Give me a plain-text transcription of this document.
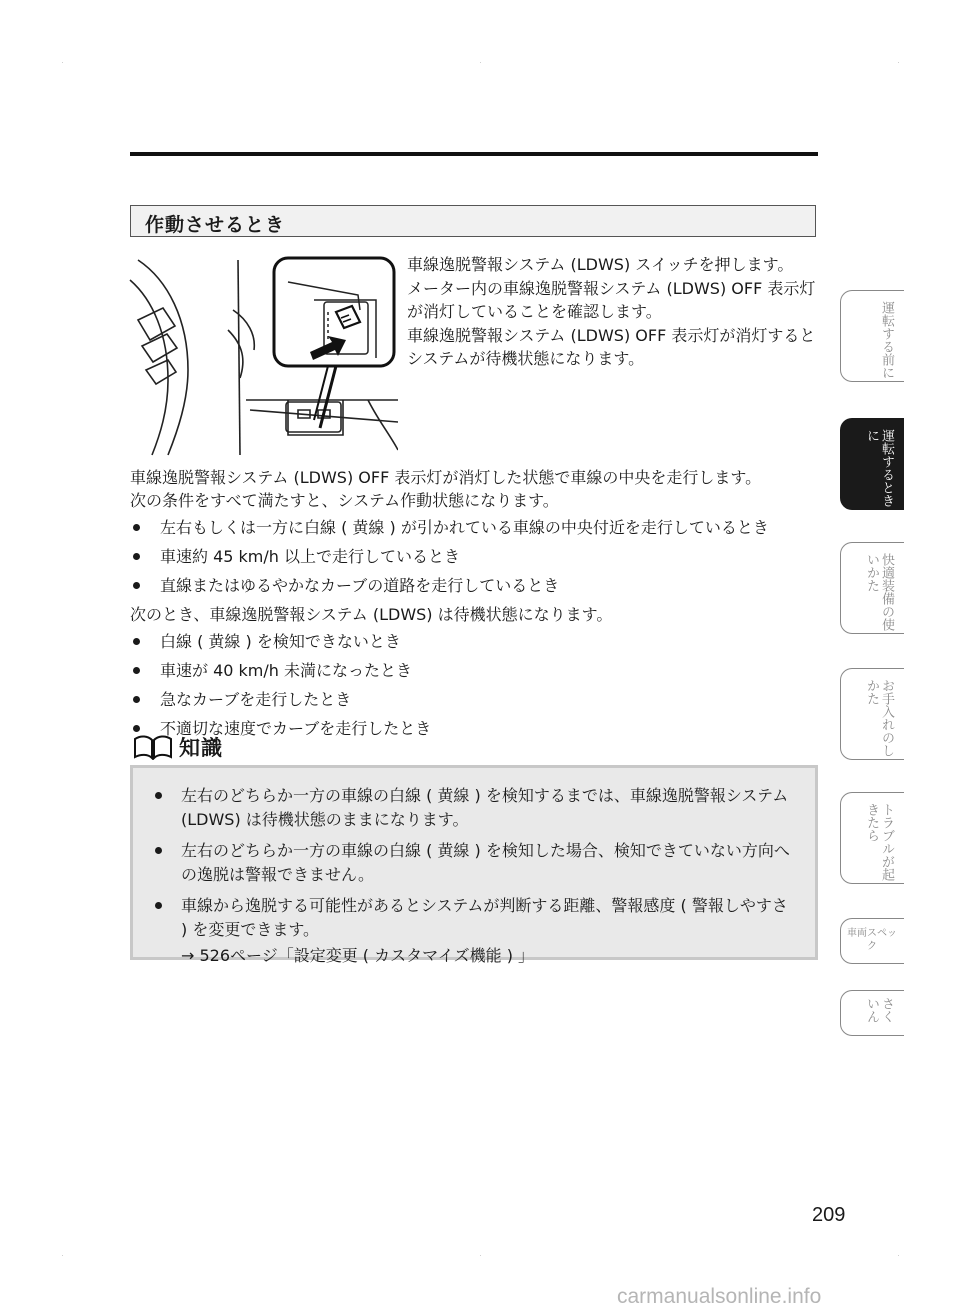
作動させるとき

車線逸脱警報システム (LDWS) スイッチを押します。

メーター内の車線逸脱警報システム (LDWS) OFF 表示灯が消灯していることを確認します。

車線逸脱警報システム (LDWS) OFF 表示灯が消灯するとシステムが待機状態になります。

車線逸脱警報システム (LDWS) OFF 表示灯が消灯した状態で車線の中央を走行します。

次の条件をすべて満たすと、システム作動状態になります。

左右もしくは一方に白線 ( 黄線 ) が引かれている車線の中央付近を走行しているとき
車速約 45 km/h 以上で走行しているとき
直線またはゆるやかなカーブの道路を走行しているとき

次のとき、車線逸脱警報システム (LDWS) は待機状態になります。

白線 ( 黄線 ) を検知できないとき
車速が 40 km/h 未満になったとき
急なカーブを走行したとき
不適切な速度でカーブを走行したとき
知識
左右のどちらか一方の車線の白線 ( 黄線 ) を検知するまでは、車線逸脱警報システム (LDWS) は待機状態のままになります。
左右のどちらか一方の車線の白線 ( 黄線 ) を検知した場合、検知できていない方向への逸脱は警報できません。
車線から逸脱する可能性があるとシステムが判断する距離、警報感度 ( 警報しやすさ ) を変更できます。
→ 526ページ「設定変更 ( カスタマイズ機能 ) 」
運転する前に
運転するときに
快適装備の使いかた
お手入れのしかた
トラブルが起きたら
車両スペック
さくいん
209
carmanualsonline.info
